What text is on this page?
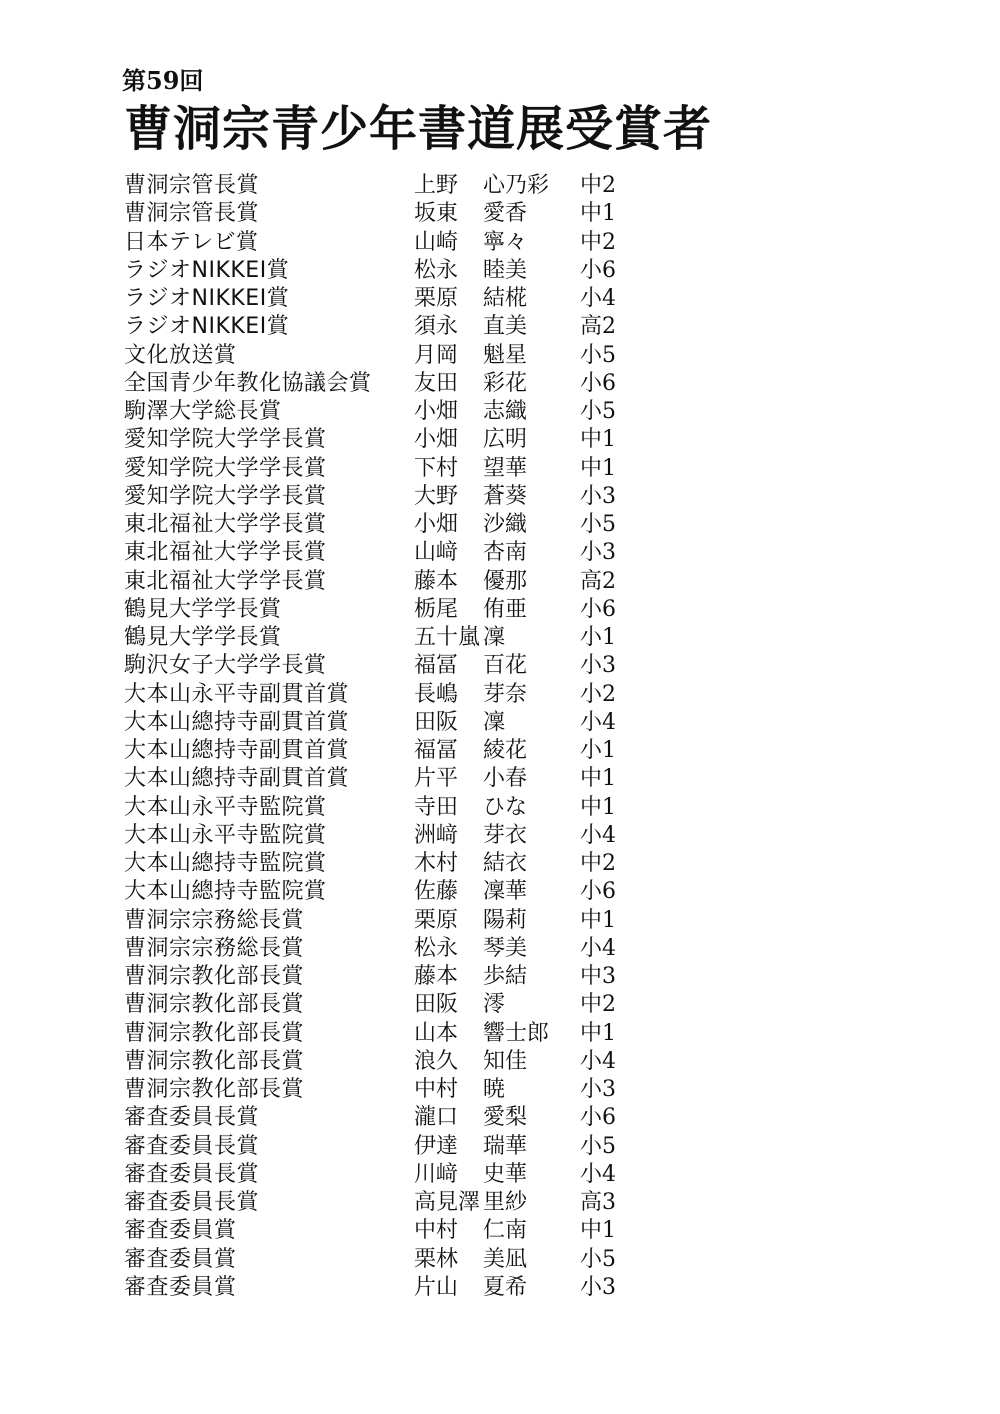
第59回
曹洞宗青少年書道展受賞者
曹洞宗管長賞	上野 心乃彩 中2
曹洞宗管長賞	坂東 愛香 中1
日本テレビ賞	山崎 寧々 中2
ラジオNIKKEI賞	松永 睦美 小6
ラジオNIKKEI賞	栗原 結椛 小4
ラジオNIKKEI賞	須永 直美 高2
文化放送賞	月岡 魁星 小5
全国青少年教化協議会賞 友田 彩花 小6
駒澤大学総長賞	小畑 志織 小5
愛知学院大学学長賞	小畑 広明 中1
愛知学院大学学長賞	下村 望華 中1
愛知学院大学学長賞	大野 蒼葵 小3
東北福祉大学学長賞	小畑 沙織 小5
東北福祉大学学長賞	山﨑 杏南 小3
東北福祉大学学長賞	藤本 優那 高2
鶴見大学学長賞	栃尾 侑亜 小6
鶴見大学学長賞	五十嵐 凜	小1
駒沢女子大学学長賞	福冨 百花 小3
大本山永平寺副貫首賞	長嶋 芽奈 小2
大本山總持寺副貫首賞	田阪 凜	小4
大本山總持寺副貫首賞	福冨 綾花 小1
大本山總持寺副貫首賞	片平 小春 中1
大本山永平寺監院賞	寺田 ひな 中1
大本山永平寺監院賞	洲﨑 芽衣 小4
大本山總持寺監院賞	木村 結衣 中2
大本山總持寺監院賞	佐藤 凜華 小6
曹洞宗宗務総長賞	栗原 陽莉 中1
曹洞宗宗務総長賞	松永 琴美 小4
曹洞宗教化部長賞	藤本 歩結 中3
曹洞宗教化部長賞	田阪 澪	中2
曹洞宗教化部長賞	山本 響士郎 中1
曹洞宗教化部長賞	浪久 知佳 小4
曹洞宗教化部長賞	中村 暁	小3
審査委員長賞	瀧口 愛梨 小6
審査委員長賞	伊達 瑞華 小5
審査委員長賞	川﨑 史華 小4
審査委員長賞	高見澤 里紗 高3
審査委員賞	中村 仁南 中1
審査委員賞	栗林 美凪 小5
審査委員賞	片山 夏希 小3
